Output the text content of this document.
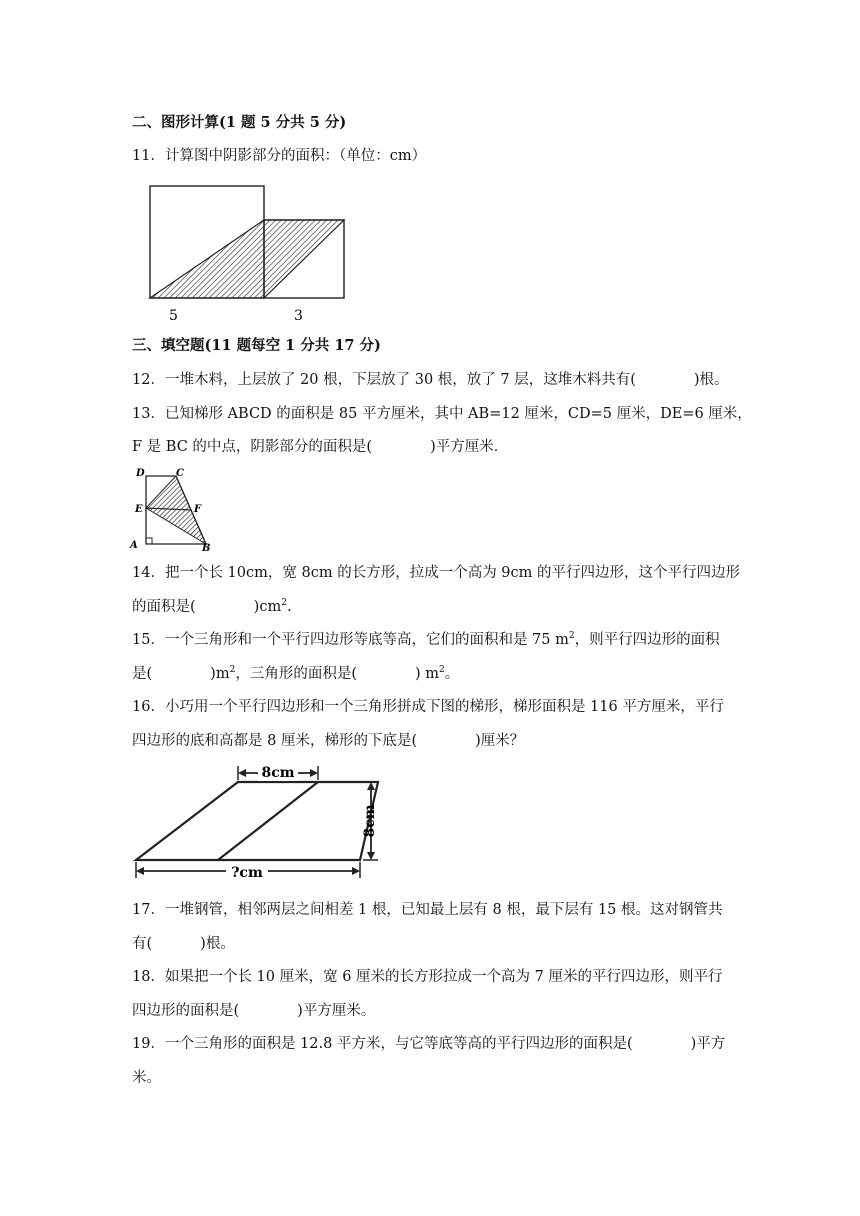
二、图形计算(1 题 5 分共 5 分)
11．计算图中阴影部分的面积：（单位：cm）
5	3
三、填空题(11 题每空 1 分共 17 分)
12．一堆木料，上层放了 20 根，下层放了 30 根，放了 7 层，这堆木料共有(	)根。
13．已知梯形 ABCD 的面积是 85 平方厘米，其中 AB=12 厘米，CD=5 厘米，DE=6 厘米，
F 是 BC 的中点，阴影部分的面积是(	)平方厘米．
D	C
E	F
A	B
14．把一个长 10cm，宽 8cm 的长方形，拉成一个高为 9cm 的平行四边形，这个平行四边形
的面积是(	)$cm^2$.
15．一个三角形和一个平行四边形等底等高，它们的面积和是 75 $m^2$，则平行四边形的面积
是(	)$m^2$，三角形的面积是(	) $m^2$。
16．小巧用一个平行四边形和一个三角形拼成下图的梯形，梯形面积是 116 平方厘米，平行
四边形的底和高都是 8 厘米，梯形的下底是(	)厘米？
8cm
8cm
?cm
17．一堆钢管，相邻两层之间相差 1 根，已知最上层有 8 根，最下层有 15 根。这对钢管共
有(	)根。
18．如果把一个长 10 厘米，宽 6 厘米的长方形拉成一个高为 7 厘米的平行四边形，则平行
四边形的面积是(	)平方厘米。
19．一个三角形的面积是 12.8 平方米，与它等底等高的平行四边形的面积是(	)平方
米。
